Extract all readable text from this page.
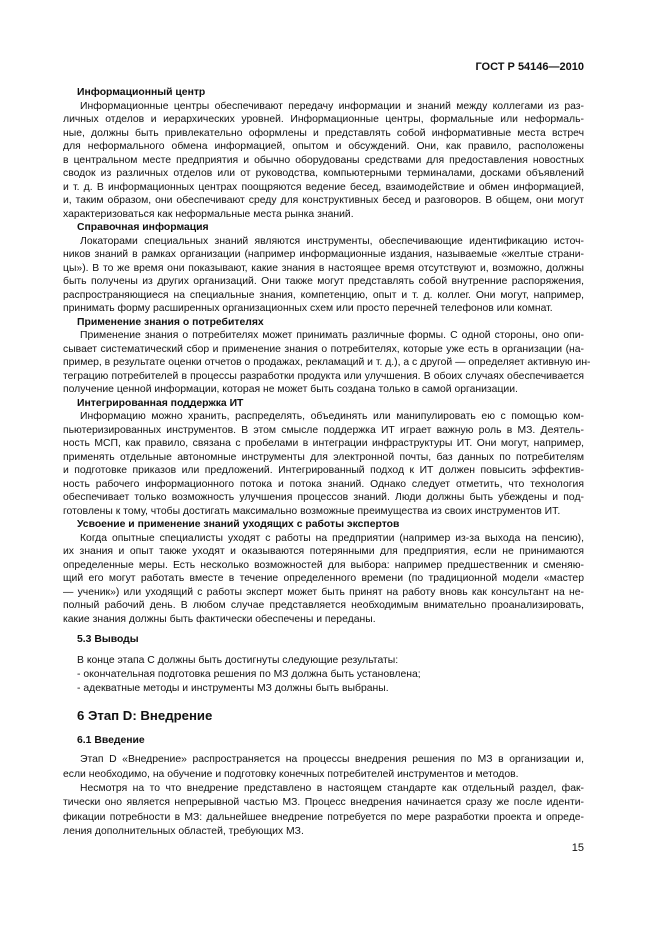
ГОСТ Р 54146—2010
Информационный центр
Информационные центры обеспечивают передачу информации и знаний между коллегами из раз-
личных отделов и иерархических уровней. Информационные центры, формальные или неформаль-
ные, должны быть привлекательно оформлены и представлять собой информативные места встреч
для неформального обмена информацией, опытом и обсуждений. Они, как правило, расположены
в центральном месте предприятия и обычно оборудованы средствами для предоставления новостных
сводок из различных отделов или от руководства, компьютерными терминалами, досками объявлений
и т. д. В информационных центрах поощряются ведение бесед, взаимодействие и обмен информацией,
и, таким образом, они обеспечивают среду для конструктивных бесед и разговоров. В общем, они могут
характеризоваться как неформальные места рынка знаний.
Справочная информация
Локаторами специальных знаний являются инструменты, обеспечивающие идентификацию источ-
ников знаний в рамках организации (например информационные издания, называемые «желтые страни-
цы»). В то же время они показывают, какие знания в настоящее время отсутствуют и, возможно, должны
быть получены из других организаций. Они также могут представлять собой внутренние распоряжения,
распространяющиеся на специальные знания, компетенцию, опыт и т. д. коллег. Они могут, например,
принимать форму расширенных организационных схем или просто перечней телефонов или комнат.
Применение знания о потребителях
Применение знания о потребителях может принимать различные формы. С одной стороны, оно опи-
сывает систематический сбор и применение знания о потребителях, которые уже есть в организации (на-
пример, в результате оценки отчетов о продажах, рекламаций и т. д.), а с другой — определяет активную ин-
теграцию потребителей в процессы разработки продукта или улучшения. В обоих случаях обеспечивается
получение ценной информации, которая не может быть создана только в самой организации.
Интегрированная поддержка ИТ
Информацию можно хранить, распределять, объединять или манипулировать ею с помощью ком-
пьютеризированных инструментов. В этом смысле поддержка ИТ играет важную роль в МЗ. Деятель-
ность МСП, как правило, связана с пробелами в интеграции инфраструктуры ИТ. Они могут, например,
применять отдельные автономные инструменты для электронной почты, баз данных по потребителям
и подготовке приказов или предложений. Интегрированный подход к ИТ должен повысить эффектив-
ность рабочего информационного потока и потока знаний. Однако следует отметить, что технология
обеспечивает только возможность улучшения процессов знаний. Люди должны быть убеждены и под-
готовлены к тому, чтобы достигать максимально возможные преимущества из своих инструментов ИТ.
Усвоение и применение знаний уходящих с работы экспертов
Когда опытные специалисты уходят с работы на предприятии (например из-за выхода на пенсию),
их знания и опыт также уходят и оказываются потерянными для предприятия, если не принимаются
определенные меры. Есть несколько возможностей для выбора: например предшественник и сменяю-
щий его могут работать вместе в течение определенного времени (по традиционной модели «мастер
— ученик») или уходящий с работы эксперт может быть принят на работу вновь как консультант на не-
полный рабочий день. В любом случае представляется необходимым внимательно проанализировать,
какие знания должны быть фактически обеспечены и переданы.
5.3 Выводы
В конце этапа С должны быть достигнуты следующие результаты:
- окончательная подготовка решения по МЗ должна быть установлена;
- адекватные методы и инструменты МЗ должны быть выбраны.
6 Этап D: Внедрение
6.1 Введение
Этап D «Внедрение» распространяется на процессы внедрения решения по МЗ в организации и,
если необходимо, на обучение и подготовку конечных потребителей инструментов и методов.
Несмотря на то что внедрение представлено в настоящем стандарте как отдельный раздел, фак-
тически оно является непрерывной частью МЗ. Процесс внедрения начинается сразу же после иденти-
фикации потребности в МЗ: дальнейшее внедрение потребуется по мере разработки проекта и опреде-
ления дополнительных областей, требующих МЗ.
15
